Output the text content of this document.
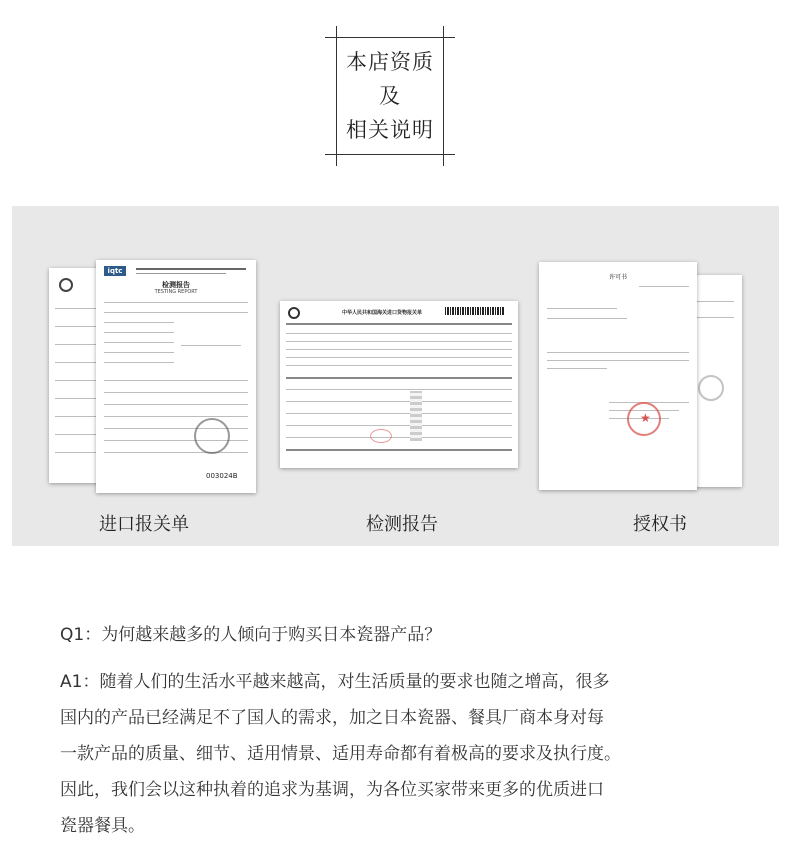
本店资质
及
相关说明
iqtc
检测报告
TESTING REPORT
003024B
进口报关单
中华人民共和国海关进口货物报关单
检测报告
许可书
★
授权书
Q1：为何越来越多的人倾向于购买日本瓷器产品？
A1：随着人们的生活水平越来越高，对生活质量的要求也随之增高，很多
国内的产品已经满足不了国人的需求，加之日本瓷器、餐具厂商本身对每
一款产品的质量、细节、适用情景、适用寿命都有着极高的要求及执行度。
因此，我们会以这种执着的追求为基调，为各位买家带来更多的优质进口
瓷器餐具。
